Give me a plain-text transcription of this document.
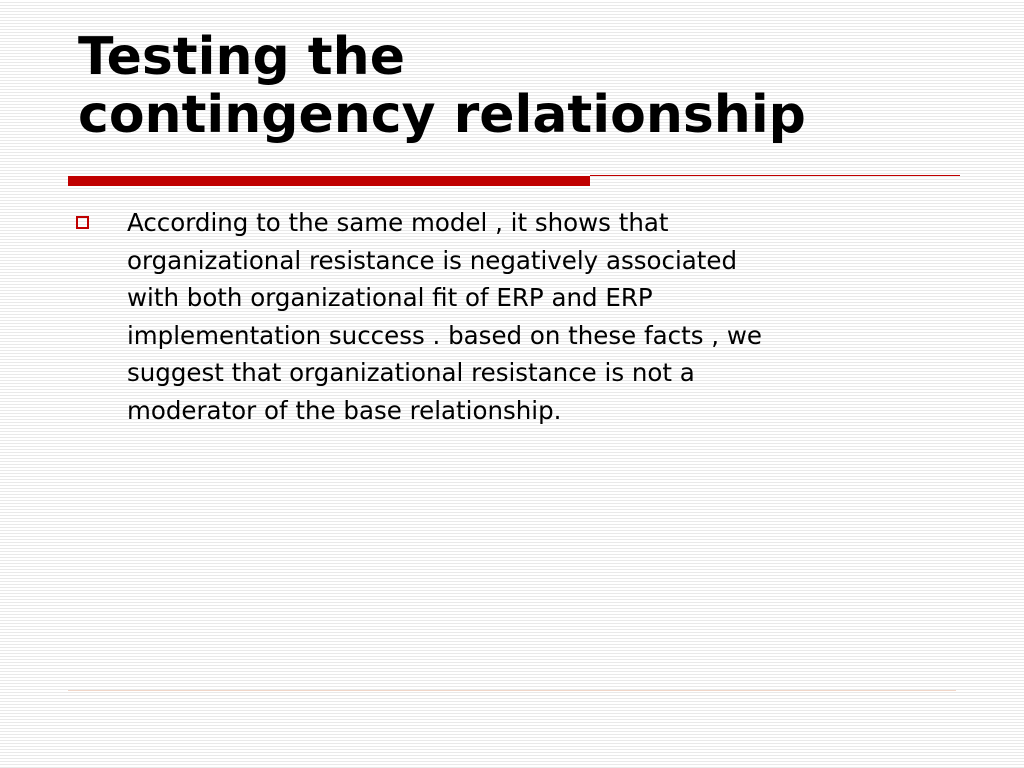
Testing the
contingency relationship

According to the same model , it shows that
organizational resistance is negatively associated
with both organizational fit of ERP and ERP
implementation success . based on these facts , we
suggest that organizational resistance is not a
moderator of the base relationship.
